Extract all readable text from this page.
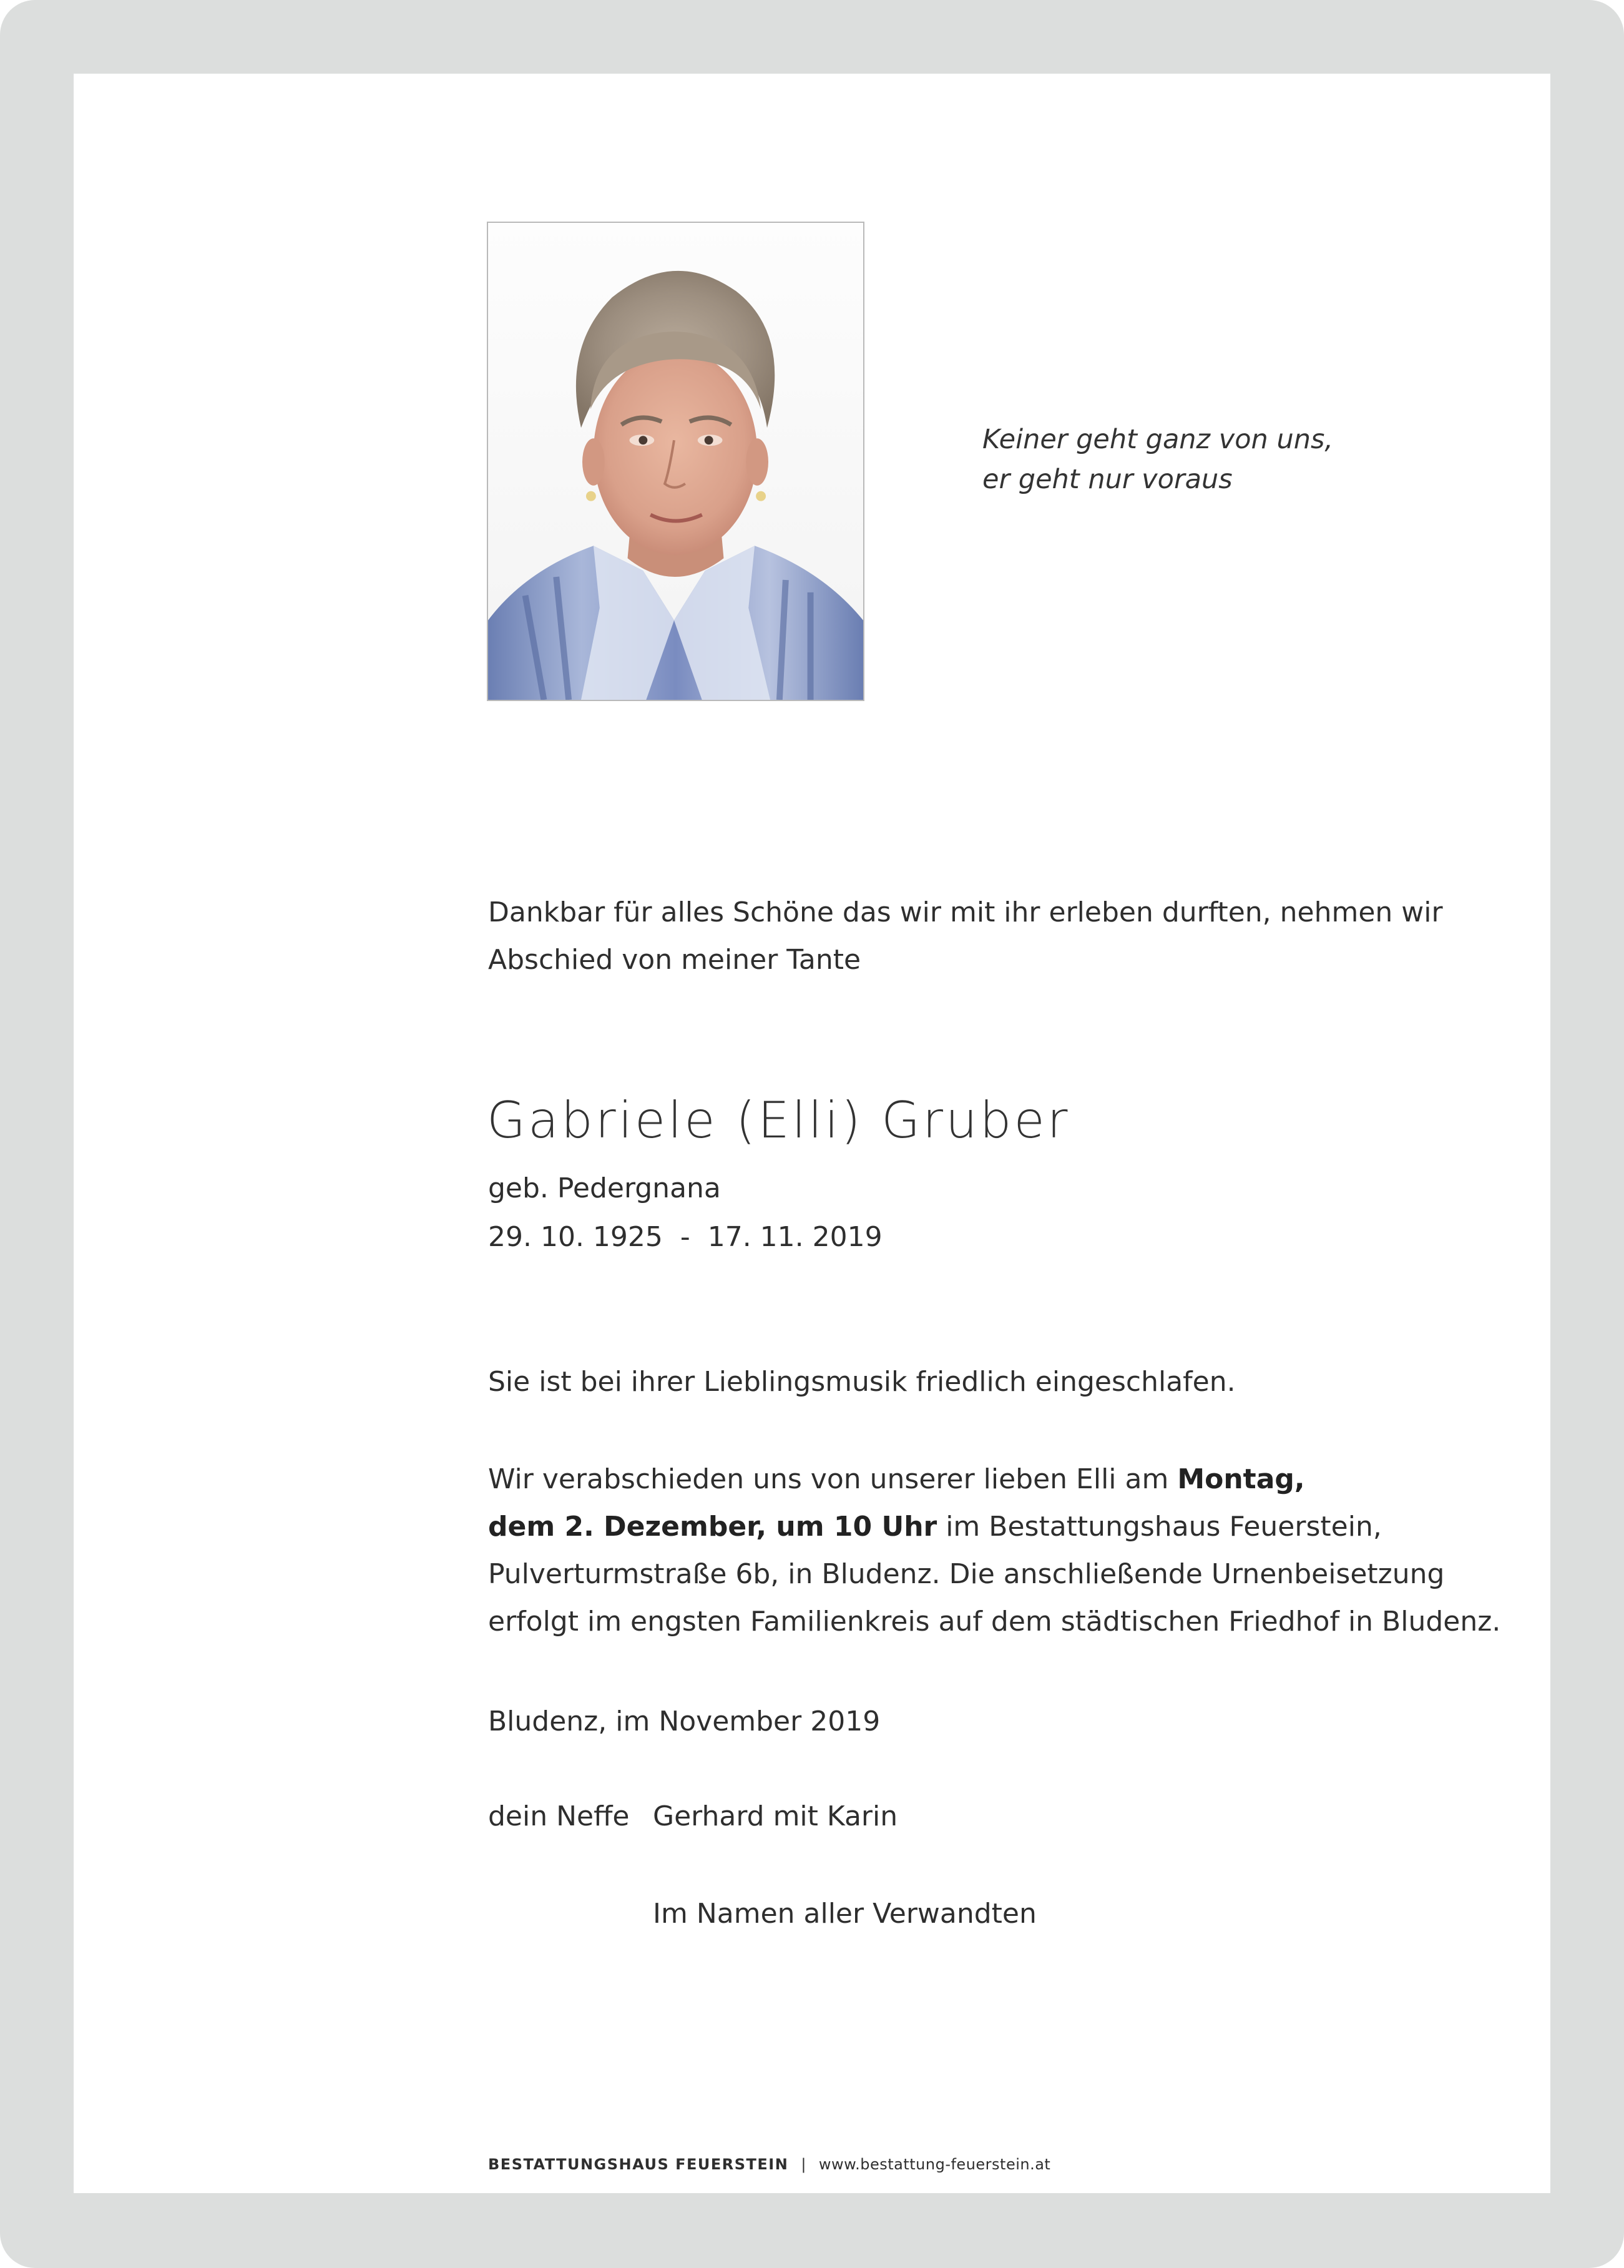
Keiner geht ganz von uns,
er geht nur voraus
Dankbar für alles Schöne das wir mit ihr erleben durften, nehmen wir
Abschied von meiner Tante
Gabriele (Elli) Gruber
geb. Pedergnana
29. 10. 1925  -  17. 11. 2019
Sie ist bei ihrer Lieblingsmusik friedlich eingeschlafen.
Wir verabschieden uns von unserer lieben Elli am Montag,
dem 2. Dezember, um 10 Uhr im Bestattungshaus Feuerstein,
Pulverturmstraße 6b, in Bludenz. Die anschließende Urnenbeisetzung
erfolgt im engsten Familienkreis auf dem städtischen Friedhof in Bludenz.
Bludenz, im November 2019
dein Neffe Gerhard mit Karin
Im Namen aller Verwandten
BESTATTUNGSHAUS FEUERSTEIN | www.bestattung-feuerstein.at
